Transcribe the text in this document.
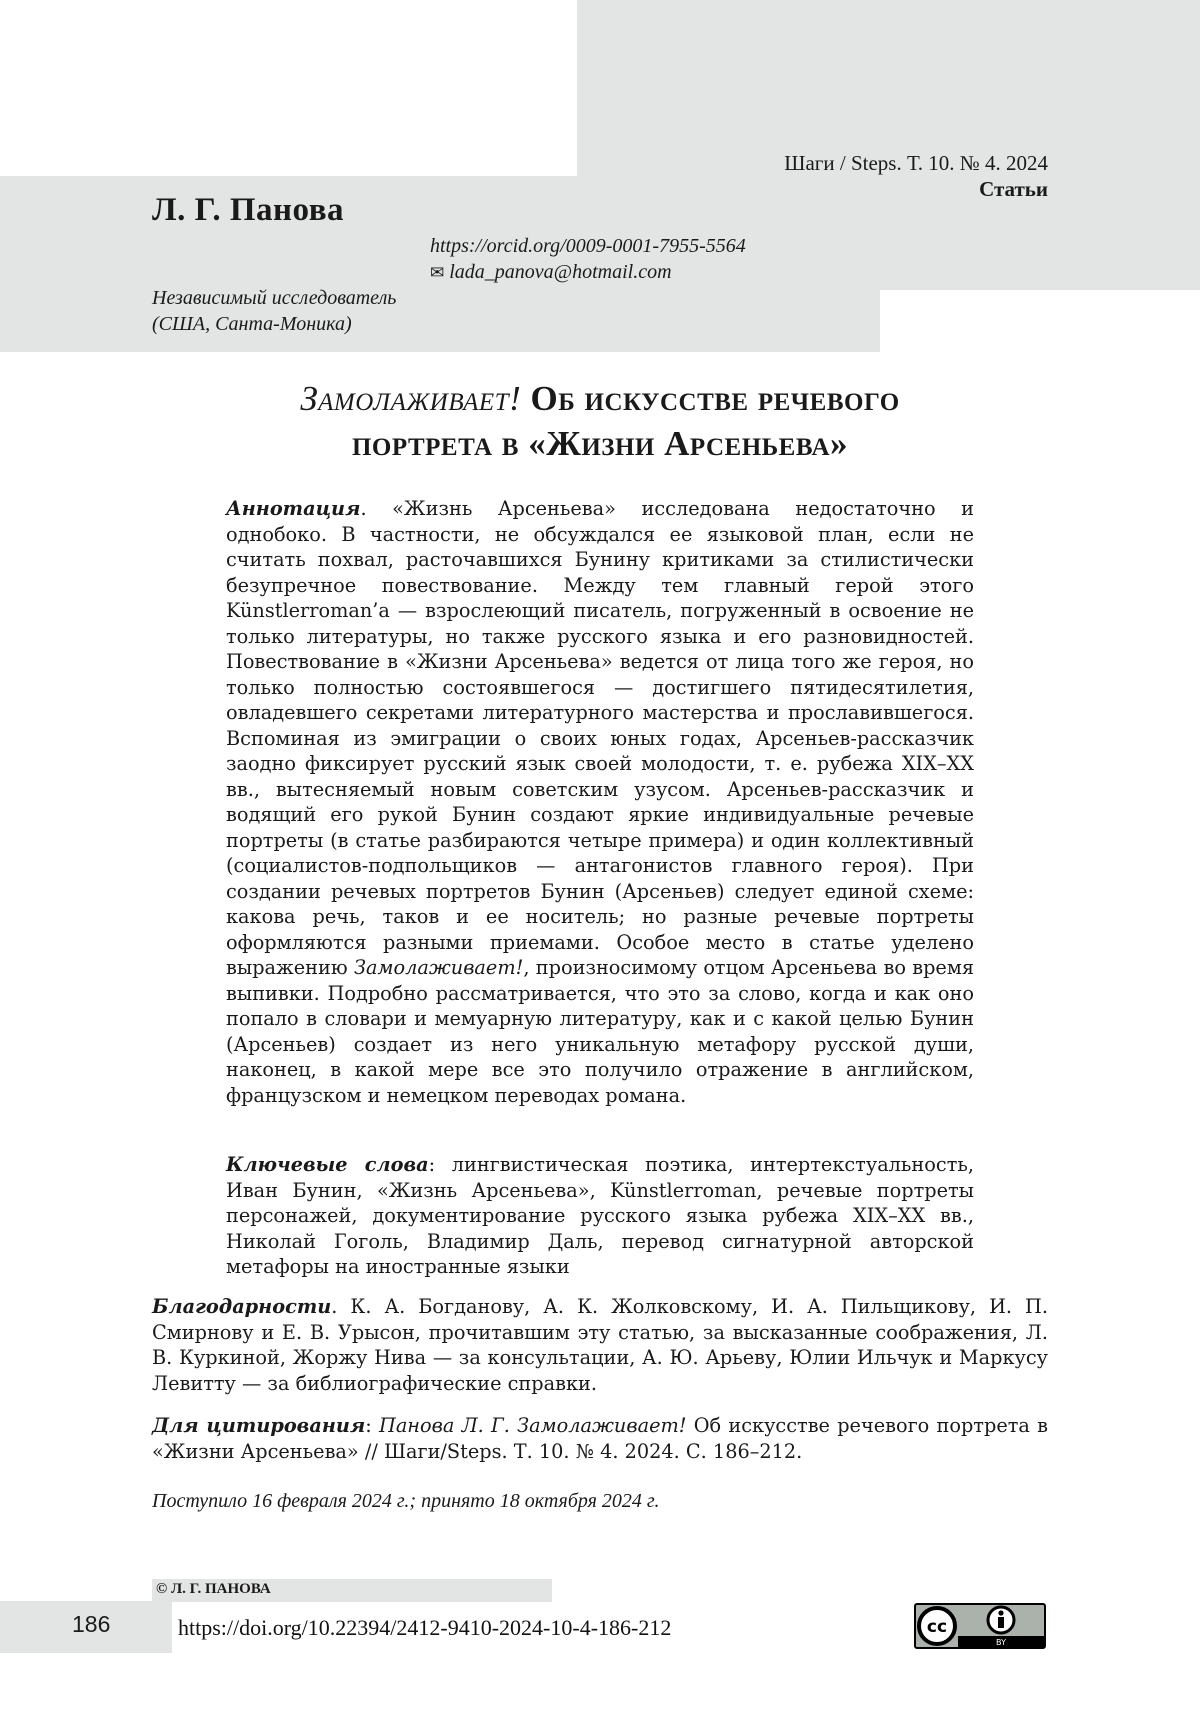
Шаги / Steps. Т. 10. № 4. 2024
Статьи
Л. Г. Панова
https://orcid.org/0009-0001-7955-5564
✉ lada_panova@hotmail.com
Независимый исследователь
(США, Санта-Моника)
Замолаживает! Об искусстве речевого
портрета в «Жизни Арсеньева»

Аннотация. «Жизнь Арсеньева» исследована недостаточно и однобоко. В частности, не обсуждался ее языковой план, если не считать похвал, расточавшихся Бунину критиками за стилистически безупречное повествование. Между тем главный герой этого Künstlerroman’а — взрослеющий писатель, погруженный в освоение не только литературы, но также русского языка и его разновидностей. Повествование в «Жизни Арсеньева» ведется от лица того же героя, но только полностью состоявшегося — достигшего пятидесятилетия, овладевшего секретами литературного мастерства и прославившегося. Вспоминая из эмиграции о своих юных годах, Арсеньев-рассказчик заодно фиксирует русский язык своей молодости, т. е. рубежа XIX–XX вв., вытесняемый новым советским узусом. Арсеньев-рассказчик и водящий его рукой Бунин создают яркие индивидуальные речевые портреты (в статье разбираются четыре примера) и один коллективный (социалистов-подпольщиков — антагонистов главного героя). При создании речевых портретов Бунин (Арсеньев) следует единой схеме: какова речь, таков и ее носитель; но разные речевые портреты оформляются разными приемами. Особое место в статье уделено выражению Замолаживает!, произносимому отцом Арсеньева во время выпивки. Подробно рассматривается, что это за слово, когда и как оно попало в словари и мемуарную литературу, как и с какой целью Бунин (Арсеньев) создает из него уникальную метафору русской души, наконец, в какой мере все это получило отражение в английском, французском и немецком переводах романа.

Ключевые слова: лингвистическая поэтика, интертекстуальность, Иван Бунин, «Жизнь Арсеньева», Künstlerroman, речевые портреты персонажей, документирование русского языка рубежа XIX–XX вв., Николай Гоголь, Владимир Даль, перевод сигнатурной авторской метафоры на иностранные языки

Благодарности. К. А. Богданову, А. К. Жолковскому, И. А. Пильщикову, И. П. Смирнову и Е. В. Урысон, прочитавшим эту статью, за высказанные соображения, Л. В. Куркиной, Жоржу Нива — за консультации, А. Ю. Арьеву, Юлии Ильчук и Маркусу Левитту — за библиографические справки.

Для цитирования: Панова Л. Г. Замолаживает! Об искусстве речевого портрета в «Жизни Арсеньева» // Шаги/Steps. Т. 10. № 4. 2024. С. 186–212.

Поступило 16 февраля 2024 г.; принято 18 октября 2024 г.
© Л. Г. ПАНОВА
186	https://doi.org/10.22394/2412-9410-2024-10-4-186-212	cc
BY
